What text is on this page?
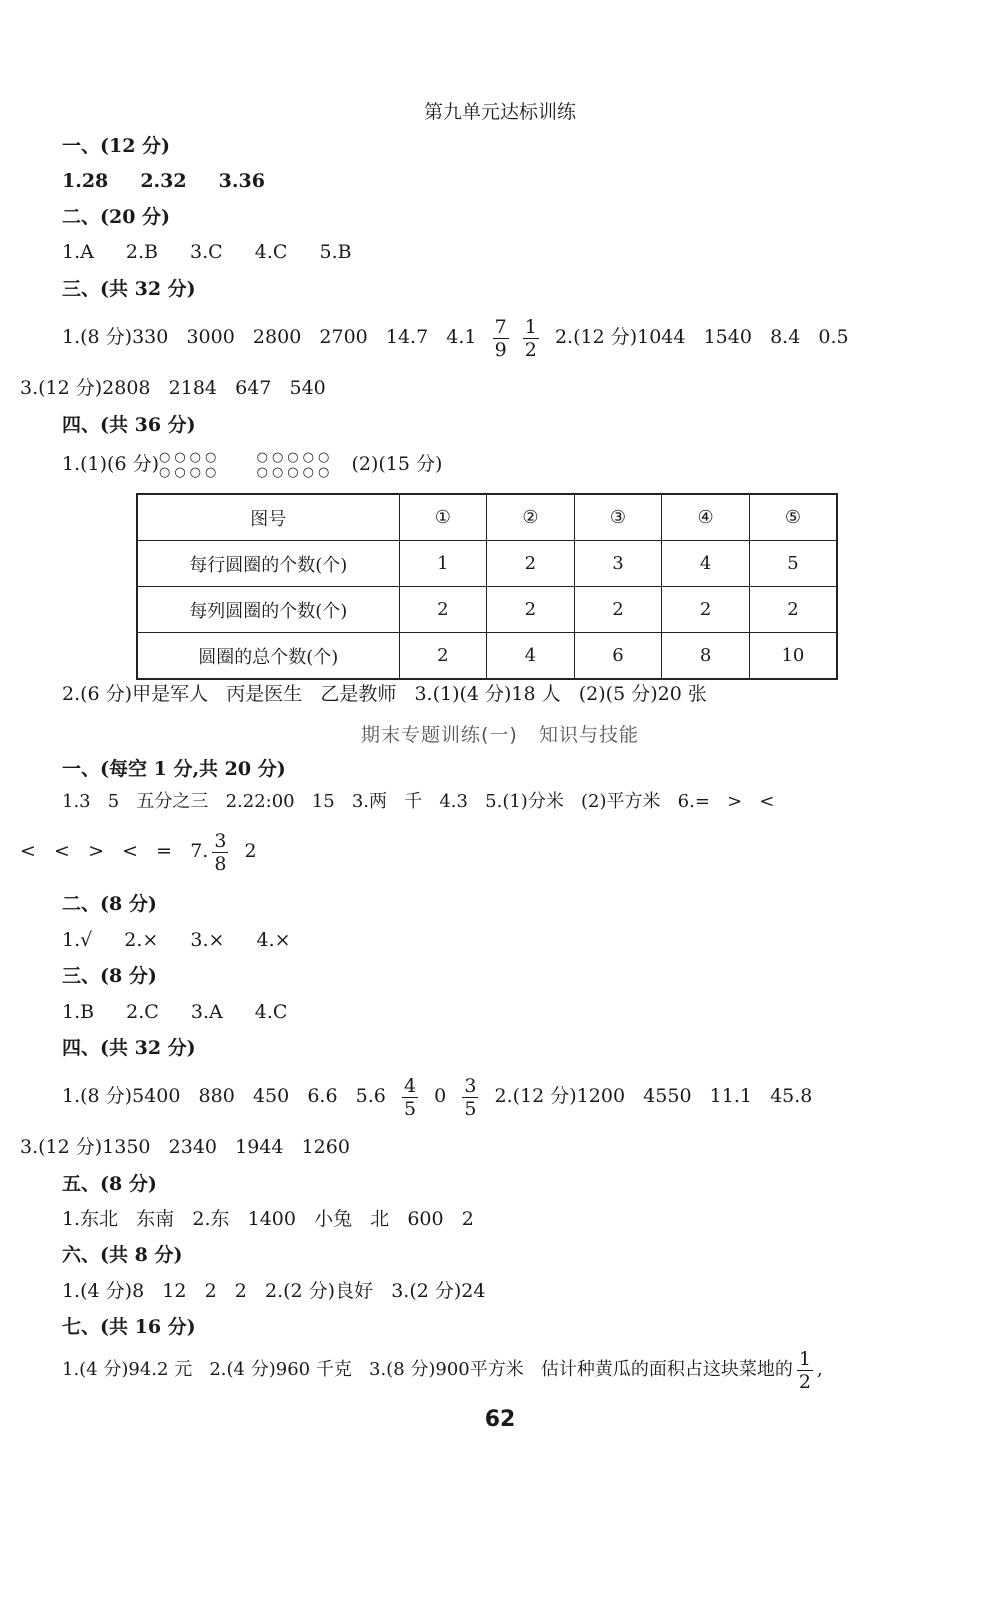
第九单元达标训练
一、(12 分)
1.28 2.32 3.36
二、(20 分)
1.A 2.B 3.C 4.C 5.B
三、(共 32 分)
1.(8 分)330   3000   2800   2700   14.7   $4.1 \frac{7}{9}$
$\frac{1}{2} 2.(12$ 分)1044   1540   8.4   0.5
3.(12 分)2808   2184   647   540
四、(共 36 分)
1.(1)(6 分) ○○○○
○○○○

○○○○○
○○○○○ (2)(15 分)
图号	①	②	③	④	⑤
每行圆圈的个数(个)	1	2	3	4	5
每列圆圈的个数(个)	2	2	2	2	2
圆圈的总个数(个)	2	4	6	8	10
2.(6 分)甲是军人   丙是医生   乙是教师   3.(1)(4 分)18 人   (2)(5 分)20 张
期末专题训练(一)   知识与技能
一、(每空 1 分,共 20 分)
1.3   5   五分之三   2.22:00   15   3.两   千   4.3   5.(1)分米   (2)平方米   6.=   >   <
<   <   >   <   =   7. $\frac{3}{8} 2$
二、(8 分)
1.√ 2.× 3.× 4.×
三、(8 分)
1.B 2.C 3.A 4.C
四、(共 32 分)
1.(8 分)5400   880   450   6.6   $5.6 \frac{4}{5} 0 \frac{3}{5} 2.(12$ 分)1200   4550   11.1   45.8
3.(12 分)1350   2340   1944   1260
五、(8 分)
1.东北   东南   2.东   1400   小兔   北   600   2
六、(共 8 分)
1.(4 分)8   12   2   2   2.(2 分)良好   3.(2 分)24
七、(共 16 分)
1.(4 分)94.2 元   2.(4 分)960 千克   3.(8 分)900平方米   估计种黄瓜的面积占这块菜地的 $\frac{1}{2}$ ,
62
